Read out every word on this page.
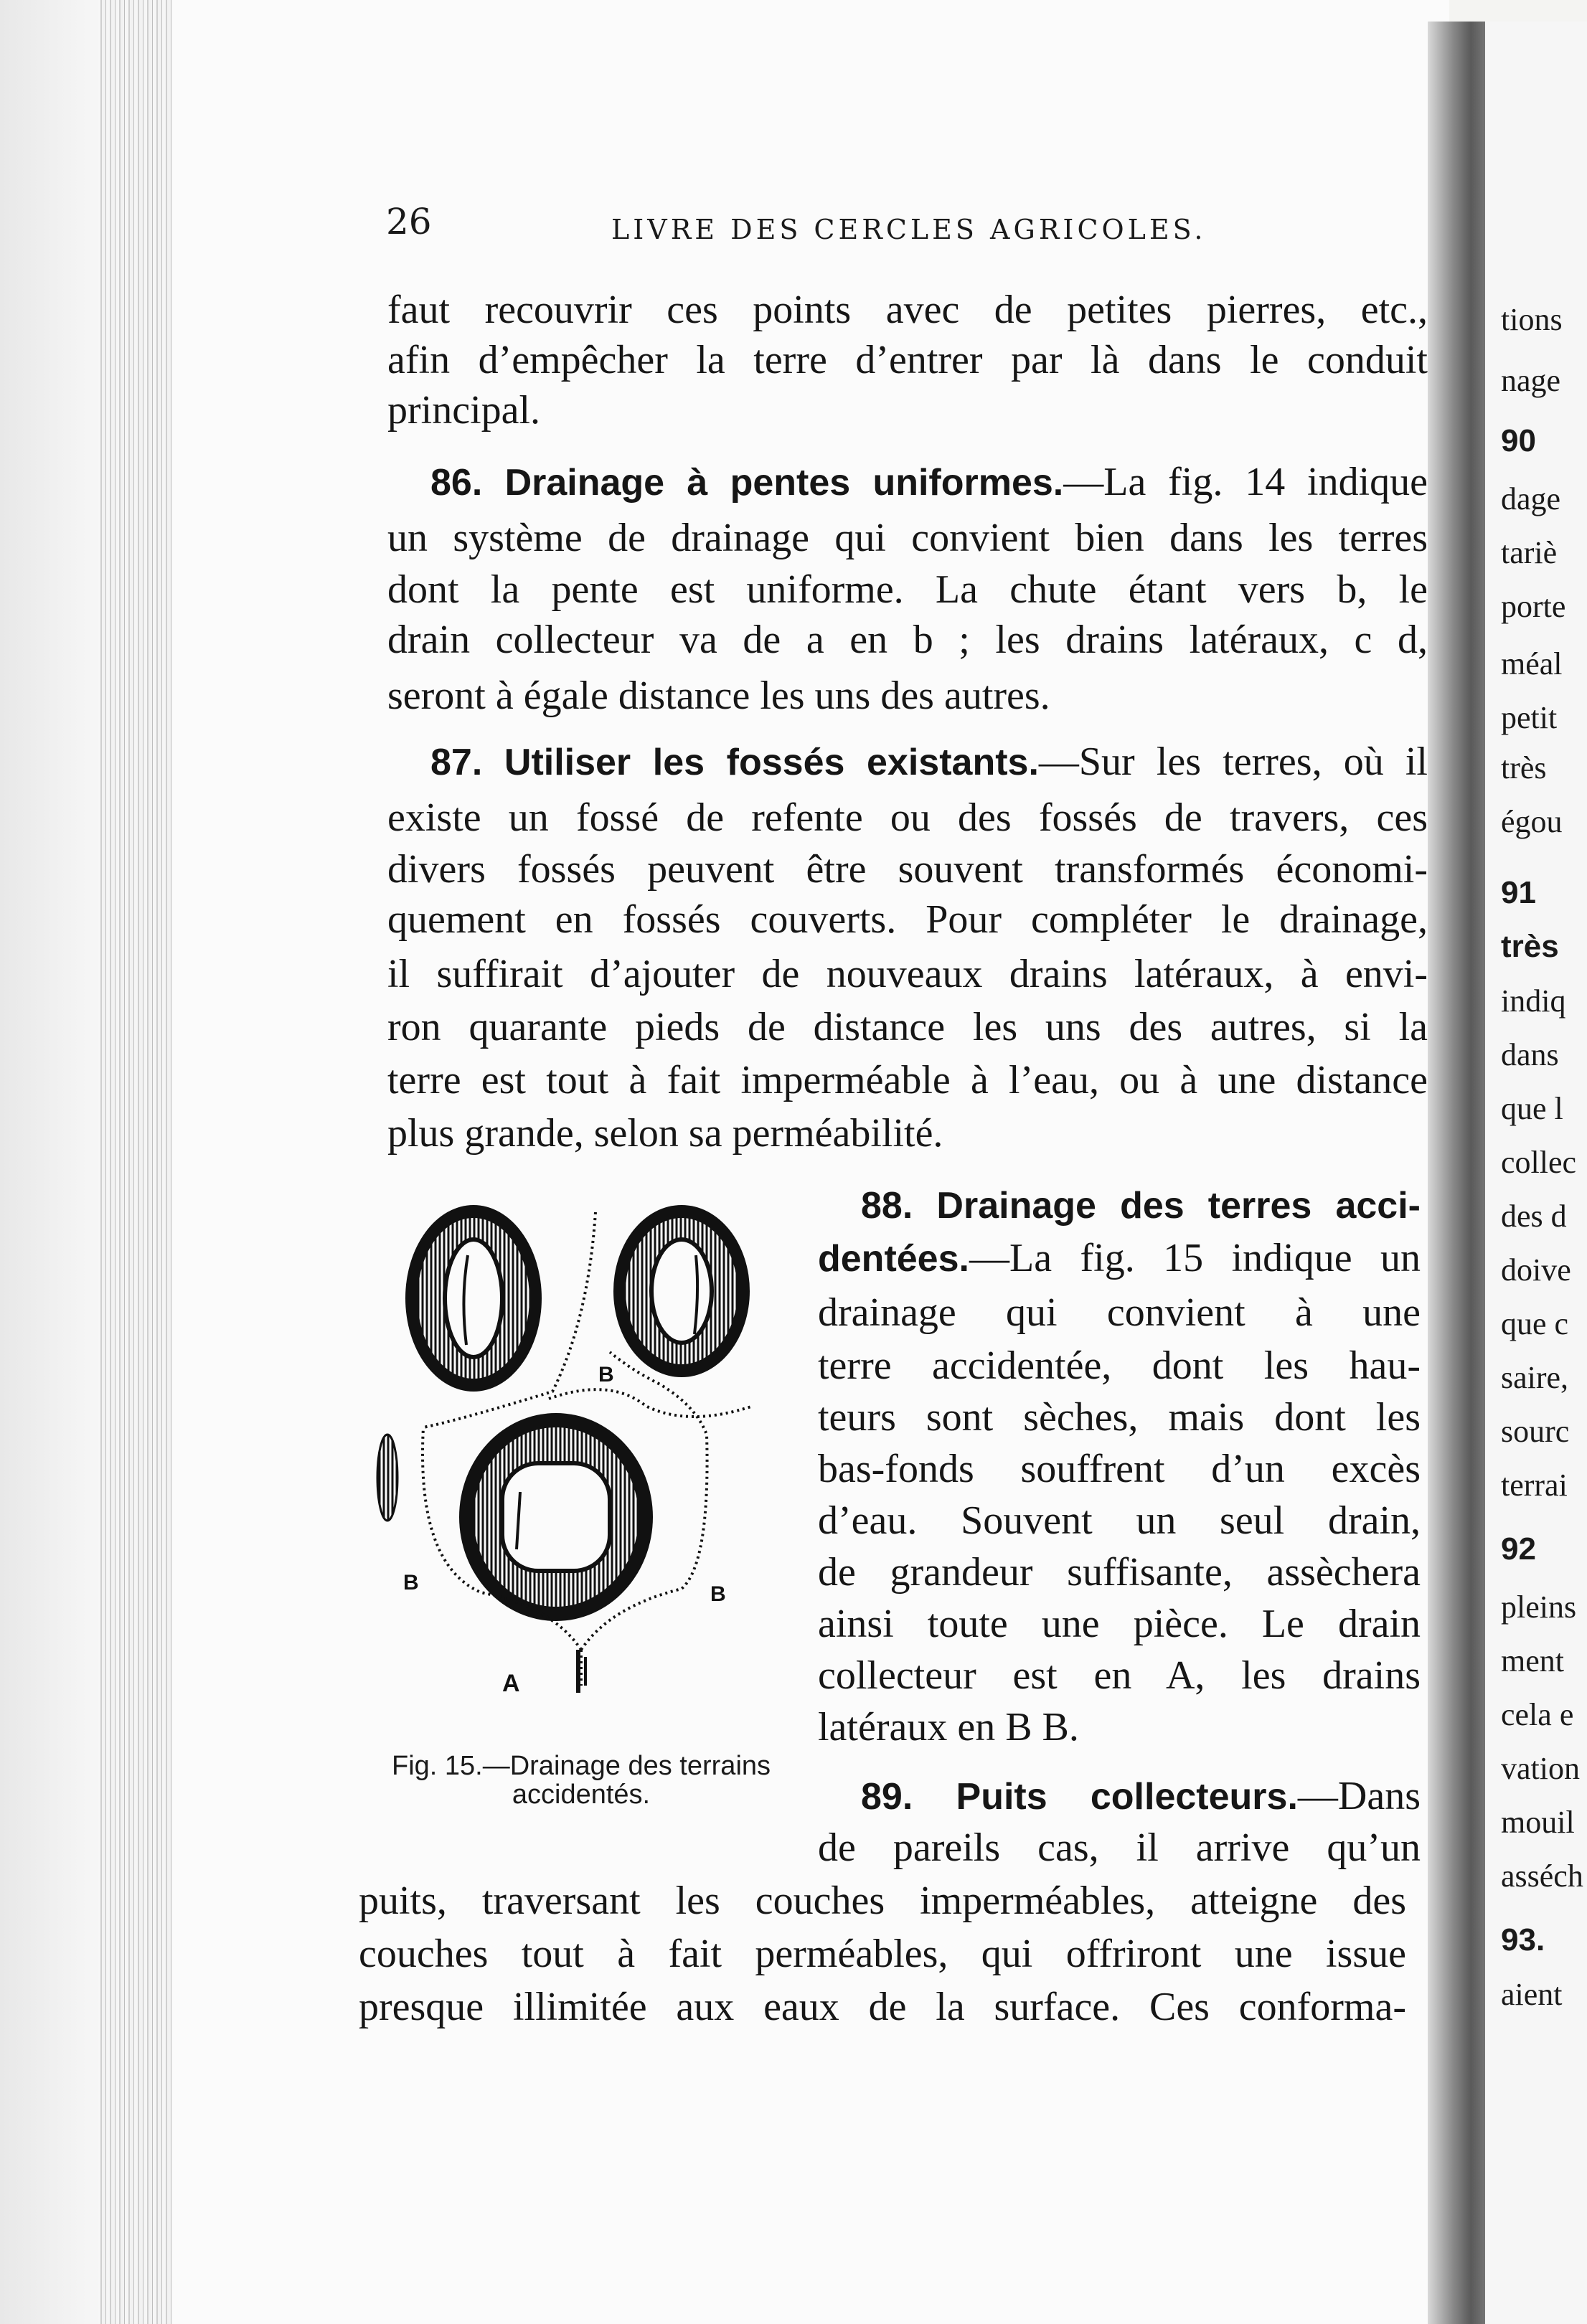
26	LIVRE DES CERCLES AGRICOLES.
faut recouvrir ces points avec de petites pierres, etc.,
afin d’empêcher la terre d’entrer par là dans le conduit
principal.
86. Drainage à pentes uniformes.—La fig. 14 indique
un système de drainage qui convient bien dans les terres
dont la pente est uniforme. La chute étant vers b, le
drain collecteur va de a en b ; les drains latéraux, c d,
seront à égale distance les uns des autres.
87. Utiliser les fossés existants.—Sur les terres, où il
existe un fossé de refente ou des fossés de travers, ces
divers fossés peuvent être souvent transformés économi-
quement en fossés couverts. Pour compléter le drainage,
il suffirait d’ajouter de nouveaux drains latéraux, à envi-
ron quarante pieds de distance les uns des autres, si la
terre est tout à fait imperméable à l’eau, ou à une distance
plus grande, selon sa perméabilité.
88. Drainage des terres acci-
dentées.—La fig. 15 indique un
drainage qui convient à une
terre accidentée, dont les hau-
teurs sont sèches, mais dont les
bas-fonds souffrent d’un excès
d’eau. Souvent un seul drain,
de grandeur suffisante, assèchera
ainsi toute une pièce. Le drain
collecteur est en A, les drains
latéraux en B B.
89. Puits collecteurs.—Dans
de pareils cas, il arrive qu’un
puits, traversant les couches imperméables, atteigne des
couches tout à fait perméables, qui offriront une issue
presque illimitée aux eaux de la surface. Ces conforma-
B
B	B
A
Fig. 15.—Drainage des terrains accidentés.
tions
nage
90
dage
tariè
porte
méal
petit
très
égou
91
très
indiq
dans
que l
collec
des d
doive
que c
saire,
sourc
terrai
92
pleins
ment
cela e
vation
mouil
asséch
93.
aient
